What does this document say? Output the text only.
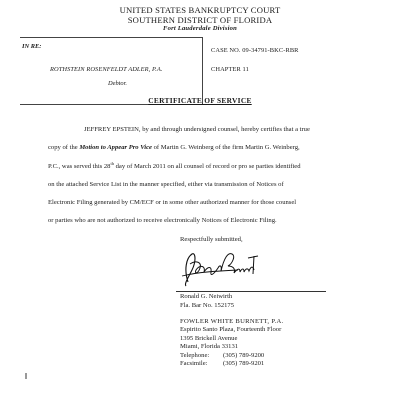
UNITED STATES BANKRUPTCY COURT
SOUTHERN DISTRICT OF FLORIDA
Fort Lauderdale Division
IN RE:
ROTHSTEIN ROSENFELDT ADLER, P.A.
Debtor.
CASE NO. 09-34791-BKC-RBR
CHAPTER 11
CERTIFICATE OF SERVICE
JEFFREY EPSTEIN, by and through undersigned counsel, hereby certifies that a true
copy of the Motion to Appear Pro Vice of Martin G. Weinberg of the firm Martin G. Weinberg,
P.C., was served this 28th day of March 2011 on all counsel of record or pro se parties identified
on the attached Service List in the manner specified, either via transmission of Notices of
Electronic Filing generated by CM/ECF or in some other authorized manner for those counsel
or parties who are not authorized to receive electronically Notices of Electronic Filing.
Respectfully submitted,
Ronald G. Neiwirth
Fla. Bar No. 152175
FOWLER WHITE BURNETT, P.A.
Espirito Santo Plaza, Fourteenth Floor
1395 Brickell Avenue
Miami, Florida 33131
Telephone: (305) 789-9200
Facsimile: (305) 789-9201
